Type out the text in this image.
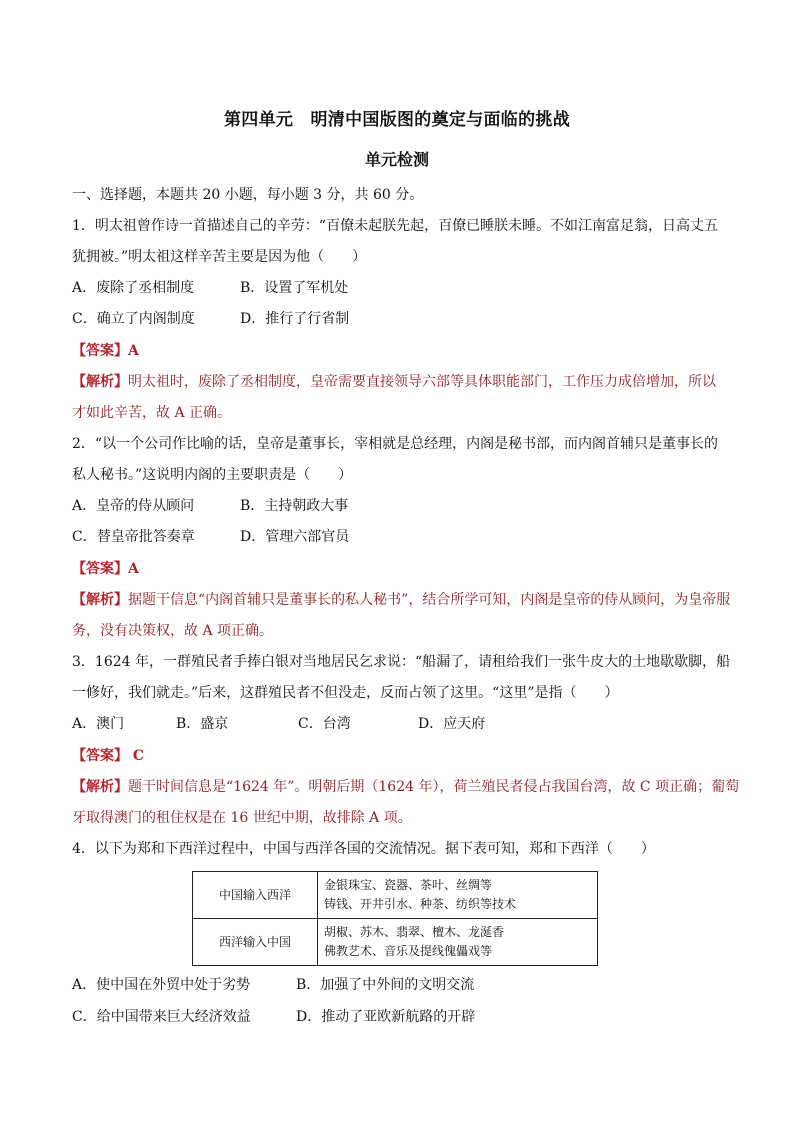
第四单元　明清中国版图的奠定与面临的挑战
单元检测
一、选择题，本题共 20 小题，每小题 3 分，共 60 分。
1．明太祖曾作诗一首描述自己的辛劳：“百僚未起朕先起，百僚已睡朕未睡。不如江南富足翁，日高丈五
犹拥被。”明太祖这样辛苦主要是因为他（　　）
A．废除了丞相制度	B．设置了军机处
C．确立了内阁制度	D．推行了行省制
【答案】A
【解析】明太祖时，废除了丞相制度，皇帝需要直接领导六部等具体职能部门，工作压力成倍增加，所以
才如此辛苦，故 A 正确。
2．“以一个公司作比喻的话，皇帝是董事长，宰相就是总经理，内阁是秘书部，而内阁首辅只是董事长的
私人秘书。”这说明内阁的主要职责是（　　）
A．皇帝的侍从顾问	B．主持朝政大事
C．替皇帝批答奏章	D．管理六部官员
【答案】A
【解析】据题干信息“内阁首辅只是董事长的私人秘书”，结合所学可知，内阁是皇帝的侍从顾问，为皇帝服
务，没有决策权，故 A 项正确。
3．1624 年，一群殖民者手捧白银对当地居民乞求说：“船漏了，请租给我们一张牛皮大的土地歇歇脚，船
一修好，我们就走。”后来，这群殖民者不但没走，反而占领了这里。“这里”是指（　　）
A．澳门	B．盛京	C．台湾	D．应天府
【答案】 C
【解析】题干时间信息是“1624 年”。明朝后期（1624 年），荷兰殖民者侵占我国台湾，故 C 项正确；葡萄
牙取得澳门的租住权是在 16 世纪中期，故排除 A 项。
4．以下为郑和下西洋过程中，中国与西洋各国的交流情况。据下表可知，郑和下西洋（　　）
中国输入西洋	金银珠宝、瓷器、茶叶、丝绸等
铸钱、开井引水、种茶、纺织等技术

西洋输入中国	胡椒、苏木、翡翠、檀木、龙涎香
佛教艺术、音乐及提线傀儡戏等
A．使中国在外贸中处于劣势	B．加强了中外间的文明交流
C．给中国带来巨大经济效益	D．推动了亚欧新航路的开辟
